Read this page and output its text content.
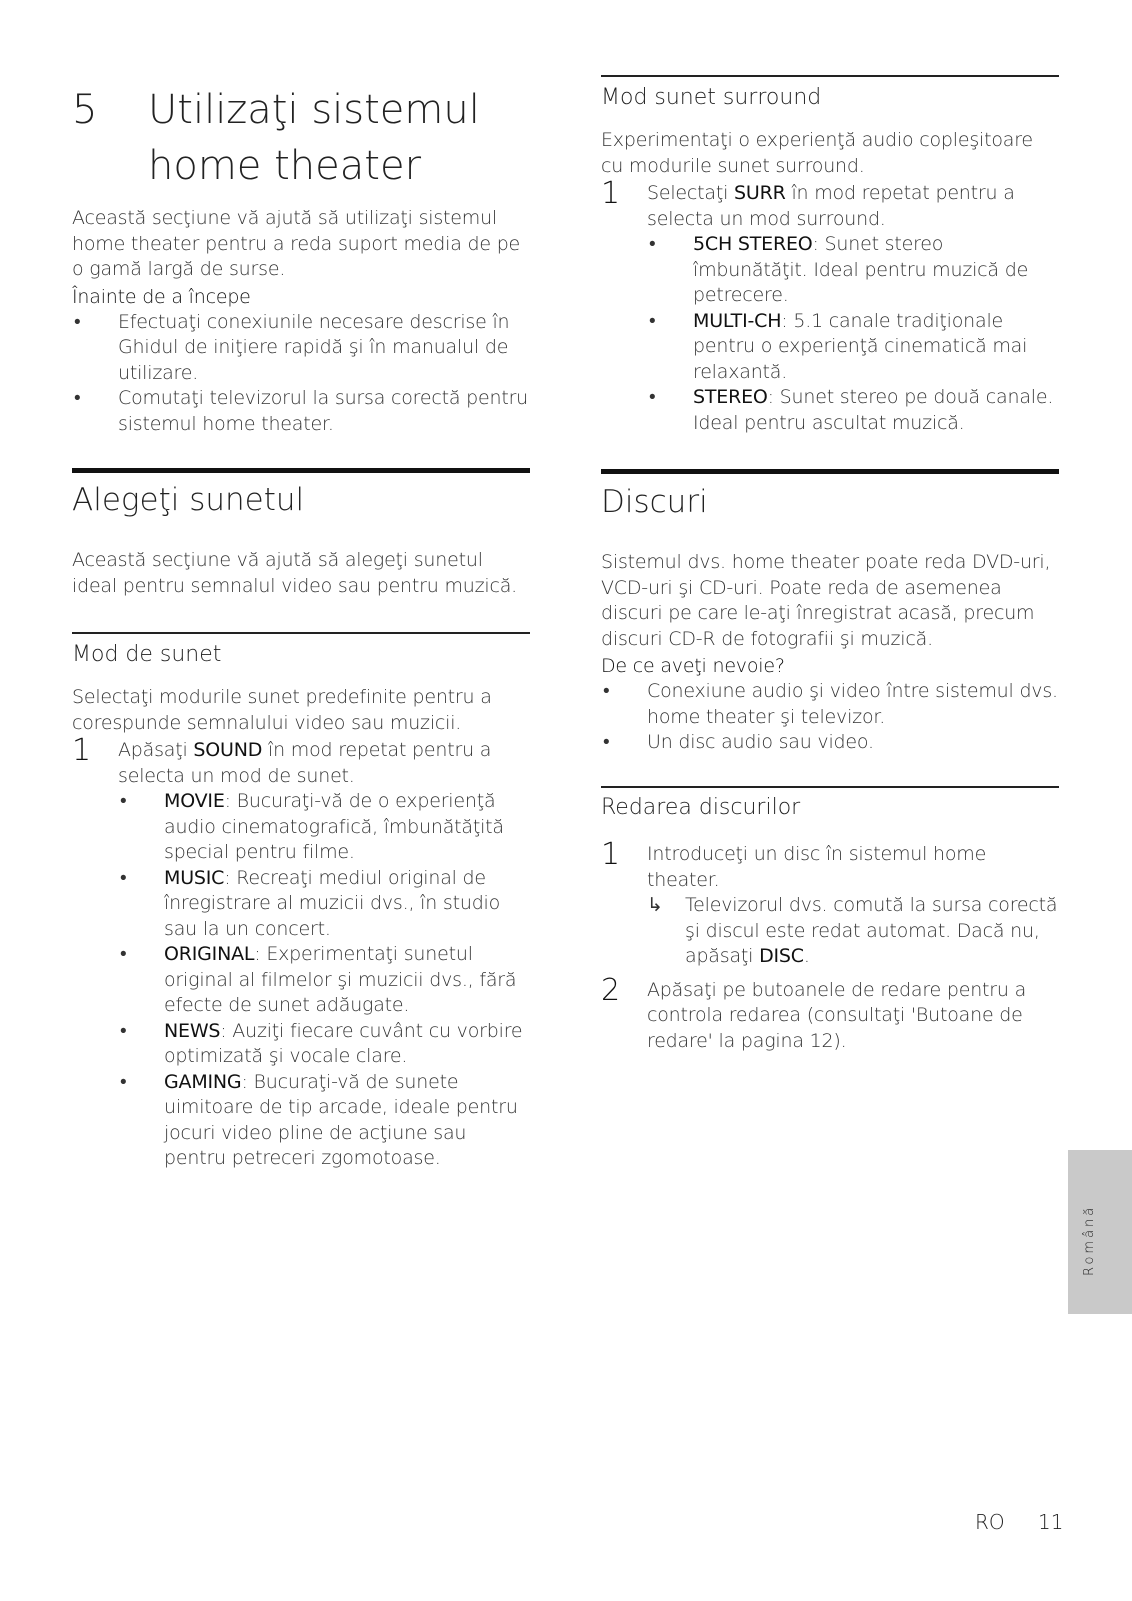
5 Utilizaţi sistemul
home theater
Această secţiune vă ajută să utilizaţi sistemul home theater pentru a reda suport media de pe o gamă largă de surse.
Înainte de a începe
• Efectuaţi conexiunile necesare descrise în Ghidul de iniţiere rapidă şi în manualul de utilizare.
• Comutaţi televizorul la sursa corectă pentru sistemul home theater.
Alegeţi sunetul
Această secţiune vă ajută să alegeţi sunetul ideal pentru semnalul video sau pentru muzică.
Mod de sunet
Selectaţi modurile sunet predefinite pentru a corespunde semnalului video sau muzicii.
1 Apăsaţi SOUND în mod repetat pentru a selecta un mod de sunet.
• MOVIE: Bucuraţi-vă de o experienţă audio cinematografică, îmbunătăţită special pentru filme.
• MUSIC: Recreaţi mediul original de înregistrare al muzicii dvs., în studio sau la un concert.
• ORIGINAL: Experimentaţi sunetul original al filmelor şi muzicii dvs., fără efecte de sunet adăugate.
• NEWS: Auziţi fiecare cuvânt cu vorbire optimizată şi vocale clare.
• GAMING: Bucuraţi-vă de sunete uimitoare de tip arcade, ideale pentru jocuri video pline de acţiune sau pentru petreceri zgomotoase.
Mod sunet surround
Experimentaţi o experienţă audio copleşitoare cu modurile sunet surround.
1 Selectaţi SURR în mod repetat pentru a selecta un mod surround.
• 5CH STEREO: Sunet stereo îmbunătăţit. Ideal pentru muzică de petrecere.
• MULTI-CH: 5.1 canale tradiţionale pentru o experienţă cinematică mai relaxantă.
• STEREO: Sunet stereo pe două canale. Ideal pentru ascultat muzică.
Discuri
Sistemul dvs. home theater poate reda DVD-uri, VCD-uri şi CD-uri. Poate reda de asemenea discuri pe care le-aţi înregistrat acasă, precum discuri CD-R de fotografii şi muzică.
De ce aveţi nevoie?
• Conexiune audio şi video între sistemul dvs. home theater şi televizor.
• Un disc audio sau video.
Redarea discurilor
1 Introduceţi un disc în sistemul home theater.
↳ Televizorul dvs. comută la sursa corectă şi discul este redat automat. Dacă nu, apăsaţi DISC.
2 Apăsaţi pe butoanele de redare pentru a controla redarea (consultaţi 'Butoane de redare' la pagina 12).
Română
RO 11
